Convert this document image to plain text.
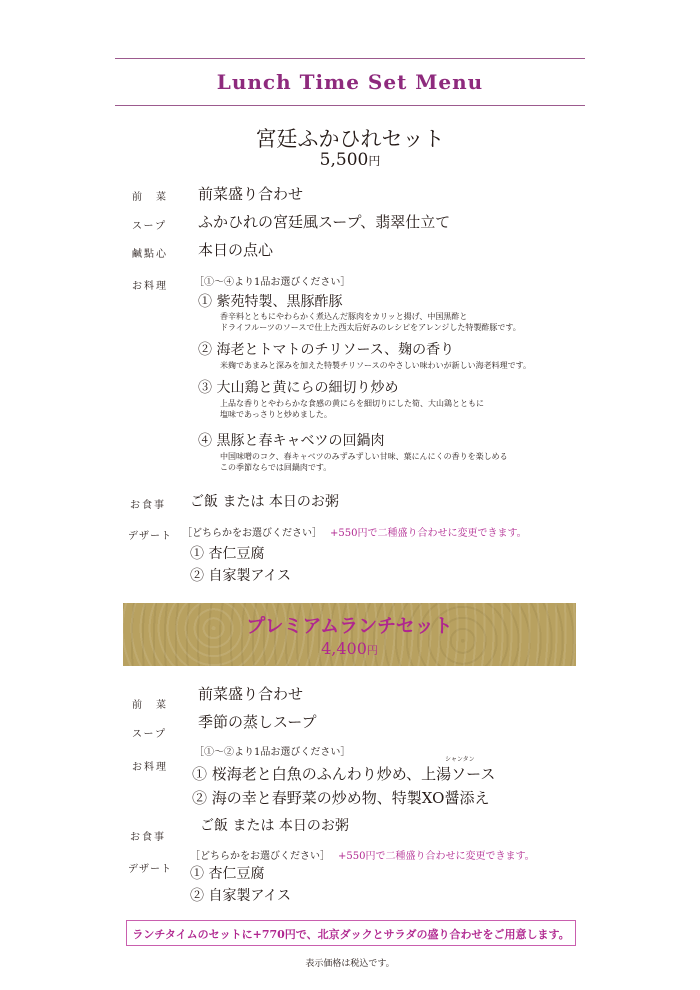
Lunch Time Set Menu
宮廷ふかひれセット
5,500円
前　菜 前菜盛り合わせ
スープ ふかひれの宮廷風スープ、翡翠仕立て
鹹點心 本日の点心
お料理	［①～④より1品お選びください］
① 紫苑特製、黒豚酢豚
香辛料とともにやわらかく煮込んだ豚肉をカリッと揚げ、中国黒酢と
ドライフルーツのソースで仕上た西太后好みのレシピをアレンジした特製酢豚です。
② 海老とトマトのチリソース、麹の香り
米麹であまみと深みを加えた特製チリソースのやさしい味わいが新しい海老料理です。
③ 大山鶏と黄にらの細切り炒め
上品な香りとやわらかな食感の黄にらを細切りにした筍、大山鶏とともに
塩味であっさりと炒めました。
④ 黒豚と春キャベツの回鍋肉
中国味噌のコク、春キャベツのみずみずしい甘味、葉にんにくの香りを楽しめる
この季節ならでは回鍋肉です。
お食事 ご飯 または 本日のお粥
デザート ［どちらかをお選びください］ +550円で二種盛り合わせに変更できます。
① 杏仁豆腐
② 自家製アイス
プレミアムランチセット
4,400円
前　菜
前菜盛り合わせ
スープ
季節の蒸しスープ
お料理
［①～②より1品お選びください］
シャンタン
① 桜海老と白魚のふんわり炒め、上湯ソース
② 海の幸と春野菜の炒め物、特製XO醤添え
お食事
ご飯 または 本日のお粥
デザート
［どちらかをお選びください］ +550円で二種盛り合わせに変更できます。
① 杏仁豆腐
② 自家製アイス
ランチタイムのセットに+770円で、北京ダックとサラダの盛り合わせをご用意します。
表示価格は税込です。
